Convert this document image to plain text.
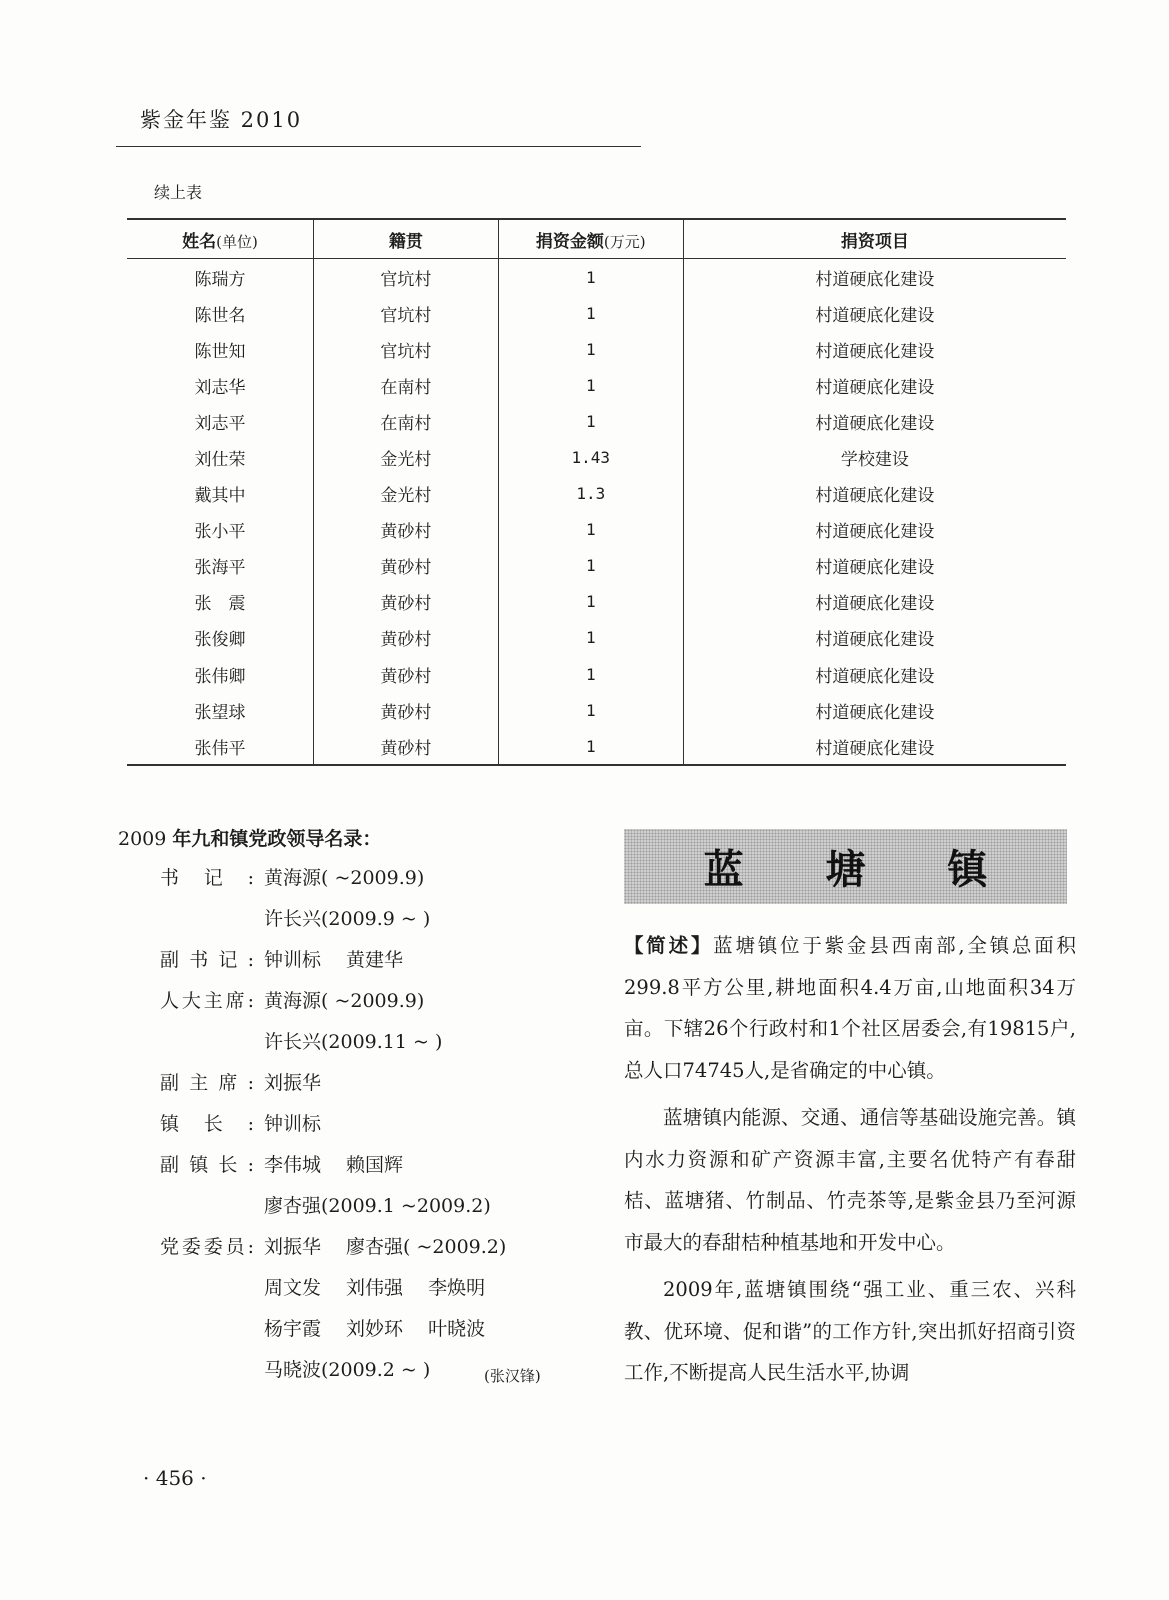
紫金年鉴 2010
续上表
姓名(单位)	籍贯	捐资金额(万元)	捐资项目
陈瑞方	官坑村	1	村道硬底化建设
陈世名	官坑村	1	村道硬底化建设
陈世知	官坑村	1	村道硬底化建设
刘志华	在南村	1	村道硬底化建设
刘志平	在南村	1	村道硬底化建设
刘仕荣	金光村	1.43	学校建设
戴其中	金光村	1.3	村道硬底化建设
张小平	黄砂村	1	村道硬底化建设
张海平	黄砂村	1	村道硬底化建设
张　震	黄砂村	1	村道硬底化建设
张俊卿	黄砂村	1	村道硬底化建设
张伟卿	黄砂村	1	村道硬底化建设
张望球	黄砂村	1	村道硬底化建设
张伟平	黄砂村	1	村道硬底化建设
2009 年九和镇党政领导名录：
书 记 : 黄海源( ~2009.9)
许长兴(2009.9 ~ )
副 书 记 : 钟训标　 黄建华
人 大 主 席 : 黄海源( ~2009.9)
许长兴(2009.11 ~ )
副 主 席 : 刘振华
镇 长 : 钟训标
副 镇 长 : 李伟城　 赖国辉
廖杏强(2009.1 ~2009.2)
党 委 委 员 : 刘振华　 廖杏强( ~2009.2)
周文发　 刘伟强　 李焕明
杨宇霞　 刘妙环　 叶晓波
马晓波(2009.2 ~ )	(张汉锋)
· 456 ·
蓝 塘 镇

【简述】蓝塘镇位于紫金县西南部,全镇总面积299.8平方公里,耕地面积4.4万亩,山地面积34万亩。下辖26个行政村和1个社区居委会,有19815户,总人口74745人,是省确定的中心镇。

蓝塘镇内能源、交通、通信等基础设施完善。镇内水力资源和矿产资源丰富,主要名优特产有春甜桔、蓝塘猪、竹制品、竹壳茶等,是紫金县乃至河源市最大的春甜桔种植基地和开发中心。

2009年,蓝塘镇围绕“强工业、重三农、兴科教、优环境、促和谐”的工作方针,突出抓好招商引资工作,不断提高人民生活水平,协调
